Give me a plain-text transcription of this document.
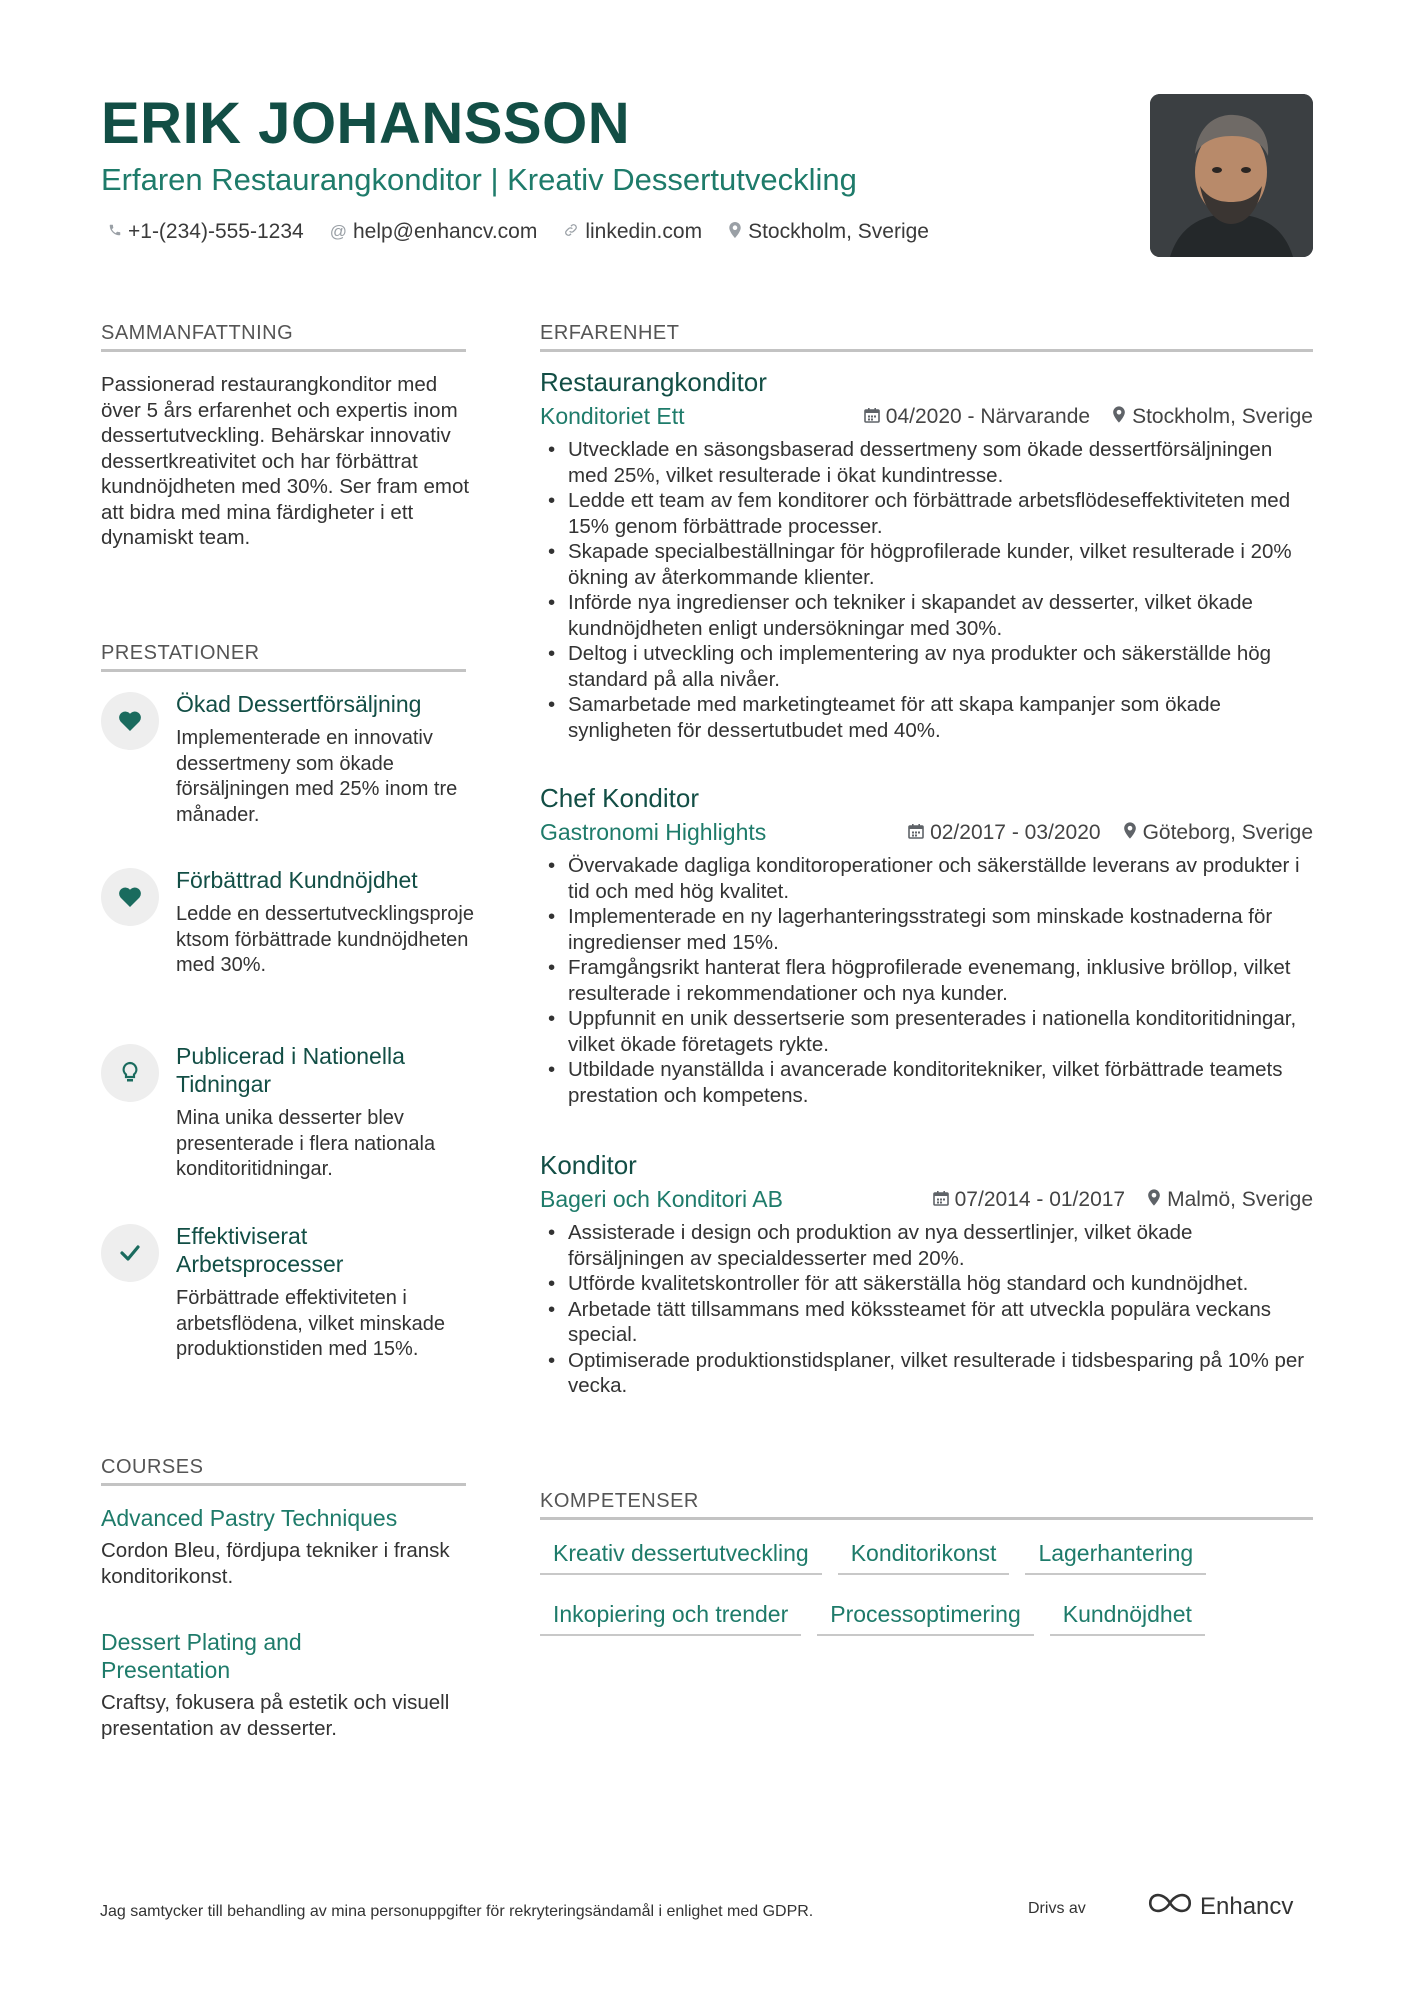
ERIK JOHANSSON
Erfaren Restaurangkonditor | Kreativ Dessertutveckling
+1-(234)-555-1234 @ help@enhancv.com linkedin.com Stockholm, Sverige
SAMMANFATTNING
Passionerad restaurangkonditor med över 5 års erfarenhet och expertis inom dessertutveckling. Behärskar innovativ dessertkreativitet och har förbättrat kundnöjdheten med 30%. Ser fram emot att bidra med mina färdigheter i ett dynamiskt team.
PRESTATIONER
Ökad Dessertförsäljning
Implementerade en innovativ dessertmeny som ökade försäljningen med 25% inom tre månader.
Förbättrad Kundnöjdhet
Ledde en dessertutvecklingsprojektsom förbättrade kundnöjdheten med 30%.
Publicerad i Nationella Tidningar
Mina unika desserter blev presenterade i flera nationala konditoritidningar.
Effektiviserat Arbetsprocesser
Förbättrade effektiviteten i arbetsflödena, vilket minskade produktionstiden med 15%.
COURSES
Advanced Pastry Techniques
Cordon Bleu, fördjupa tekniker i fransk konditorikonst.
Dessert Plating and Presentation
Craftsy, fokusera på estetik och visuell presentation av desserter.
ERFARENHET
Restaurangkonditor
Konditoriet Ett	04/2020 - Närvarande Stockholm, Sverige
• Utvecklade en säsongsbaserad dessertmeny som ökade dessertförsäljningen med 25%, vilket resulterade i ökat kundintresse.
• Ledde ett team av fem konditorer och förbättrade arbetsflödeseffektiviteten med 15% genom förbättrade processer.
• Skapade specialbeställningar för högprofilerade kunder, vilket resulterade i 20% ökning av återkommande klienter.
• Införde nya ingredienser och tekniker i skapandet av desserter, vilket ökade kundnöjdheten enligt undersökningar med 30%.
• Deltog i utveckling och implementering av nya produkter och säkerställde hög standard på alla nivåer.
• Samarbetade med marketingteamet för att skapa kampanjer som ökade synligheten för dessertutbudet med 40%.
Chef Konditor
Gastronomi Highlights	02/2017 - 03/2020 Göteborg, Sverige
• Övervakade dagliga konditoroperationer och säkerställde leverans av produkter i tid och med hög kvalitet.
• Implementerade en ny lagerhanteringsstrategi som minskade kostnaderna för ingredienser med 15%.
• Framgångsrikt hanterat flera högprofilerade evenemang, inklusive bröllop, vilket resulterade i rekommendationer och nya kunder.
• Uppfunnit en unik dessertserie som presenterades i nationella konditoritidningar, vilket ökade företagets rykte.
• Utbildade nyanställda i avancerade konditoritekniker, vilket förbättrade teamets prestation och kompetens.
Konditor
Bageri och Konditori AB	07/2014 - 01/2017 Malmö, Sverige
• Assisterade i design och produktion av nya dessertlinjer, vilket ökade försäljningen av specialdesserter med 20%.
• Utförde kvalitetskontroller för att säkerställa hög standard och kundnöjdhet.
• Arbetade tätt tillsammans med kökssteamet för att utveckla populära veckans special.
• Optimiserade produktionstidsplaner, vilket resulterade i tidsbesparing på 10% per vecka.
KOMPETENSER
Kreativ dessertutveckling	Konditorikonst	Lagerhantering
Inkopiering och trender	Processoptimering	Kundnöjdhet
Jag samtycker till behandling av mina personuppgifter för rekryteringsändamål i enlighet med GDPR.	Drivs av	Enhancv
